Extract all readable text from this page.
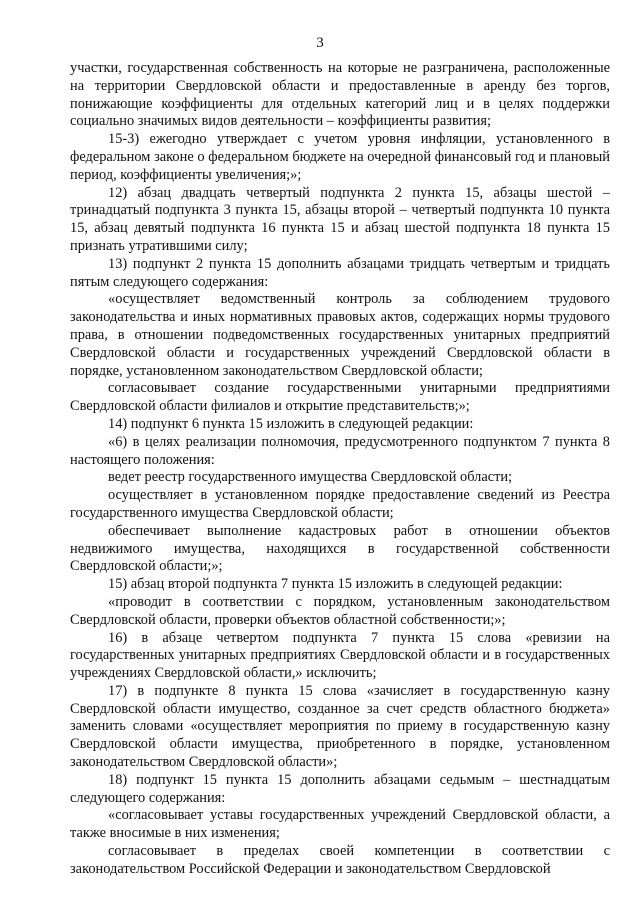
3

участки, государственная собственность на которые не разграничена, расположенные на территории Свердловской области и предоставленные в аренду без торгов, понижающие коэффициенты для отдельных категорий лиц и в целях поддержки социально значимых видов деятельности – коэффициенты развития;

15-3) ежегодно утверждает с учетом уровня инфляции, установленного в федеральном законе о федеральном бюджете на очередной финансовый год и плановый период, коэффициенты увеличения;»;

12) абзац двадцать четвертый подпункта 2 пункта 15, абзацы шестой – тринадцатый подпункта 3 пункта 15, абзацы второй – четвертый подпункта 10 пункта 15, абзац девятый подпункта 16 пункта 15 и абзац шестой подпункта 18 пункта 15 признать утратившими силу;

13) подпункт 2 пункта 15 дополнить абзацами тридцать четвертым и тридцать пятым следующего содержания:

«осуществляет ведомственный контроль за соблюдением трудового законодательства и иных нормативных правовых актов, содержащих нормы трудового права, в отношении подведомственных государственных унитарных предприятий Свердловской области и государственных учреждений Свердловской области в порядке, установленном законодательством Свердловской области;

согласовывает создание государственными унитарными предприятиями Свердловской области филиалов и открытие представительств;»;

14) подпункт 6 пункта 15 изложить в следующей редакции:

«6) в целях реализации полномочия, предусмотренного подпунктом 7 пункта 8 настоящего положения:

ведет реестр государственного имущества Свердловской области;

осуществляет в установленном порядке предоставление сведений из Реестра государственного имущества Свердловской области;

обеспечивает выполнение кадастровых работ в отношении объектов недвижимого имущества, находящихся в государственной собственности Свердловской области;»;

15) абзац второй подпункта 7 пункта 15 изложить в следующей редакции:

«проводит в соответствии с порядком, установленным законодательством Свердловской области, проверки объектов областной собственности;»;

16) в абзаце четвертом подпункта 7 пункта 15 слова «ревизии на государственных унитарных предприятиях Свердловской области и в государственных учреждениях Свердловской области,» исключить;

17) в подпункте 8 пункта 15 слова «зачисляет в государственную казну Свердловской области имущество, созданное за счет средств областного бюджета» заменить словами «осуществляет мероприятия по приему в государственную казну Свердловской области имущества, приобретенного в порядке, установленном законодательством Свердловской области»;

18) подпункт 15 пункта 15 дополнить абзацами седьмым – шестнадцатым следующего содержания:

«согласовывает уставы государственных учреждений Свердловской области, а также вносимые в них изменения;

согласовывает в пределах своей компетенции в соответствии с законодательством Российской Федерации и законодательством Свердловской
